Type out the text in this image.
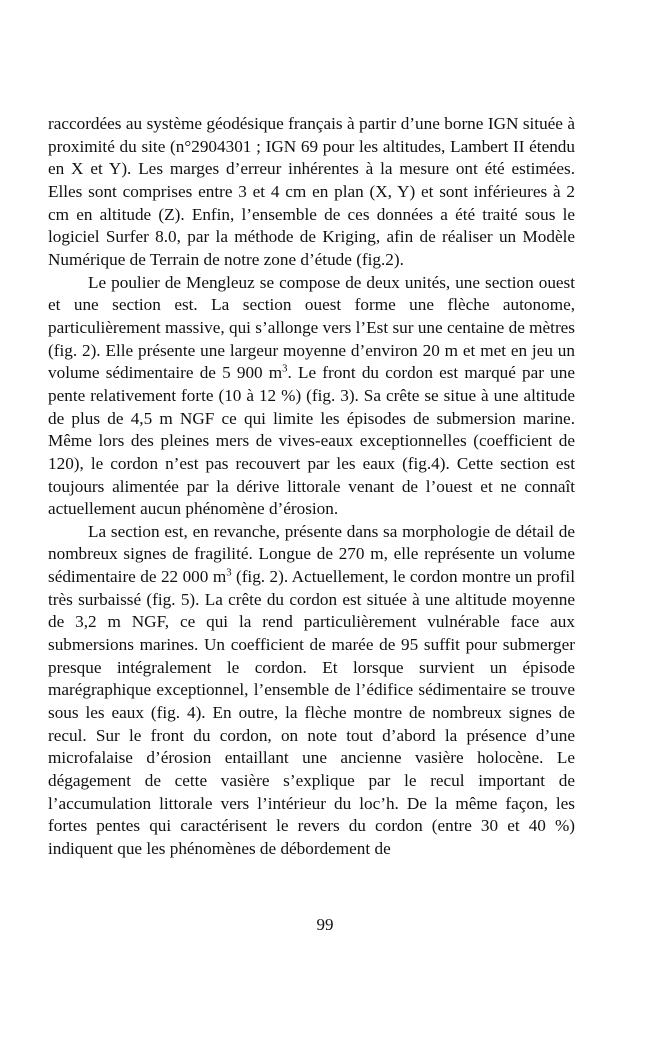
raccordées au système géodésique français à partir d’une borne IGN située à proximité du site (n°2904301 ; IGN 69 pour les altitudes, Lambert II étendu en X et Y). Les marges d’erreur inhérentes à la mesure ont été estimées. Elles sont comprises entre 3 et 4 cm en plan (X, Y) et sont inférieures à 2 cm en altitude (Z). Enfin, l’ensemble de ces données a été traité sous le logiciel Surfer 8.0, par la méthode de Kriging, afin de réaliser un Modèle Numérique de Terrain de notre zone d’étude (fig.2).

Le poulier de Mengleuz se compose de deux unités, une section ouest et une section est. La section ouest forme une flèche autonome, particulièrement massive, qui s’allonge vers l’Est sur une centaine de mètres (fig. 2). Elle présente une largeur moyenne d’environ 20 m et met en jeu un volume sédimentaire de 5 900 $m^3$. Le front du cordon est marqué par une pente relativement forte (10 à 12 %) (fig. 3). Sa crête se situe à une altitude de plus de 4,5 m NGF ce qui limite les épisodes de submersion marine. Même lors des pleines mers de vives-eaux exceptionnelles (coefficient de 120), le cordon n’est pas recouvert par les eaux (fig.4). Cette section est toujours alimentée par la dérive littorale venant de l’ouest et ne connaît actuellement aucun phénomène d’érosion.

La section est, en revanche, présente dans sa morphologie de détail de nombreux signes de fragilité. Longue de 270 m, elle représente un volume sédimentaire de 22 000 $m^3$ (fig. 2). Actuellement, le cordon montre un profil très surbaissé (fig. 5). La crête du cordon est située à une altitude moyenne de 3,2 m NGF, ce qui la rend particulièrement vulnérable face aux submersions marines. Un coefficient de marée de 95 suffit pour submerger presque intégralement le cordon. Et lorsque survient un épisode marégraphique exceptionnel, l’ensemble de l’édifice sédimentaire se trouve sous les eaux (fig. 4). En outre, la flèche montre de nombreux signes de recul. Sur le front du cordon, on note tout d’abord la présence d’une microfalaise d’érosion entaillant une ancienne vasière holocène. Le dégagement de cette vasière s’explique par le recul important de l’accumulation littorale vers l’intérieur du loc’h. De la même façon, les fortes pentes qui caractérisent le revers du cordon (entre 30 et 40 %) indiquent que les phénomènes de débordement de

99
